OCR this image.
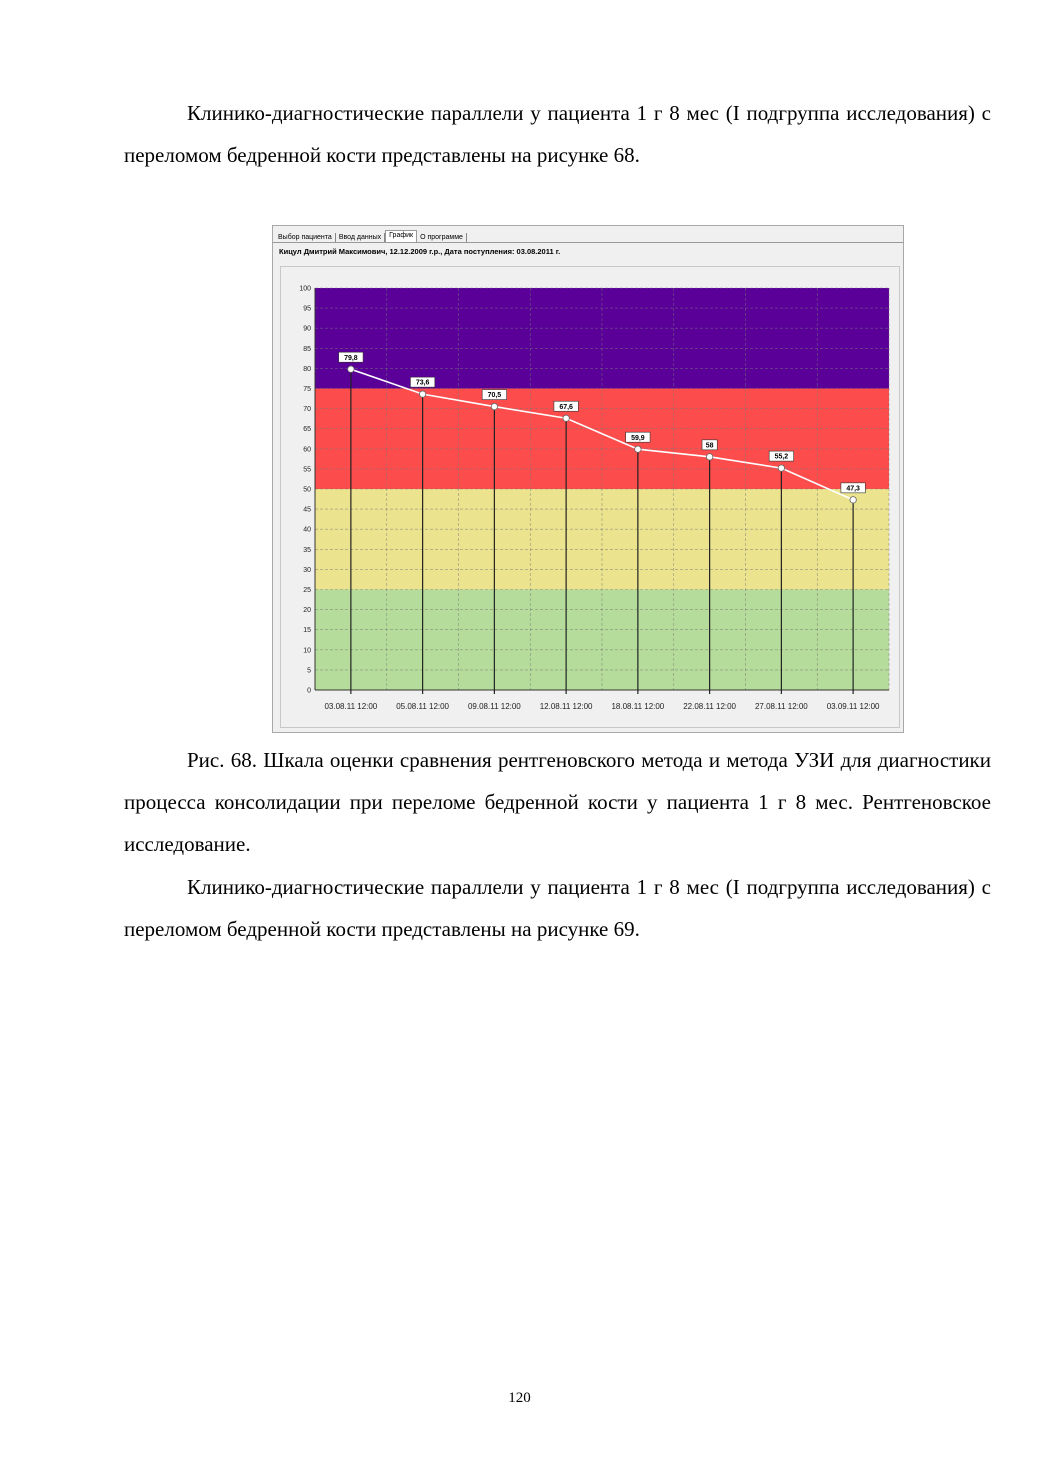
Клинико-диагностические параллели у пациента 1 г 8 мес (I подгруппа исследования) с переломом бедренной кости представлены на рисунке 68.

Выбор пациента	Ввод данных	График	О программе
Кицул Дмитрий Максимович, 12.12.2009 г.р., Дата поступления: 03.08.2011 г.
0
5
10
15
20
25
30
35
40
45
50
55
60
65
70
75
80
85
90
95
100
79,8
73,6
70,5
67,6
59,9
58
55,2
47,3
03.08.11 12:00 05.08.11 12:00 09.08.11 12:00 12.08.11 12:00 18.08.11 12:00 22.08.11 12:00 27.08.11 12:00 03.09.11 12:00

Рис. 68. Шкала оценки сравнения рентгеновского метода и метода УЗИ для диагностики процесса консолидации при переломе бедренной кости у пациента 1 г 8 мес. Рентгеновское исследование.

Клинико-диагностические параллели у пациента 1 г 8 мес (I подгруппа исследования) с переломом бедренной кости представлены на рисунке 69.

120
